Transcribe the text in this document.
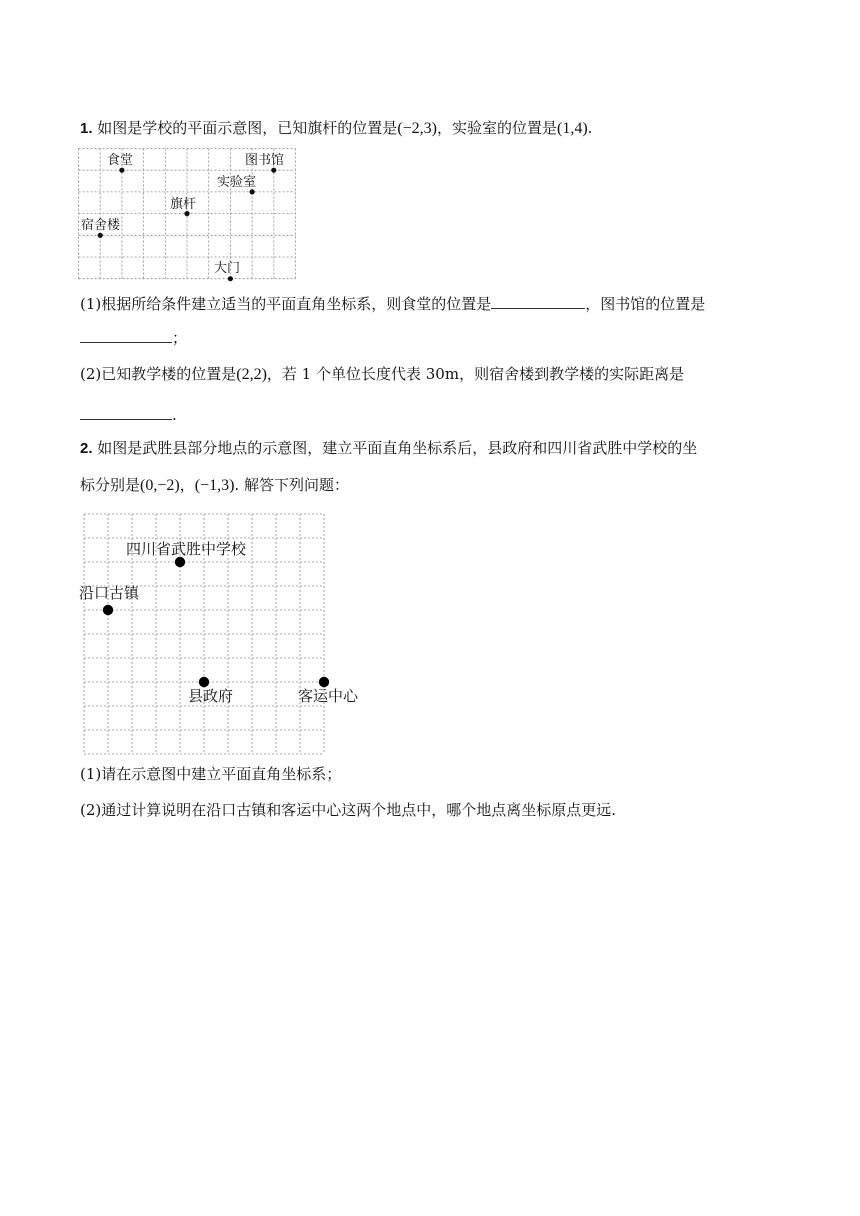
1. 如图是学校的平面示意图，已知旗杆的位置是(−2,3)，实验室的位置是(1,4).
食堂	图书馆
实验室
旗杆
宿舍楼
大门
(1)根据所给条件建立适当的平面直角坐标系，则食堂的位置是	，图书馆的位置是
；
(2)已知教学楼的位置是(2,2)，若 1 个单位长度代表 30m，则宿舍楼到教学楼的实际距离是
.
2. 如图是武胜县部分地点的示意图，建立平面直角坐标系后，县政府和四川省武胜中学校的坐
标分别是(0,−2)，(−1,3). 解答下列问题：
四川省武胜中学校
沿口古镇
县政府	客运中心
(1)请在示意图中建立平面直角坐标系；
(2)通过计算说明在沿口古镇和客运中心这两个地点中，哪个地点离坐标原点更远.
